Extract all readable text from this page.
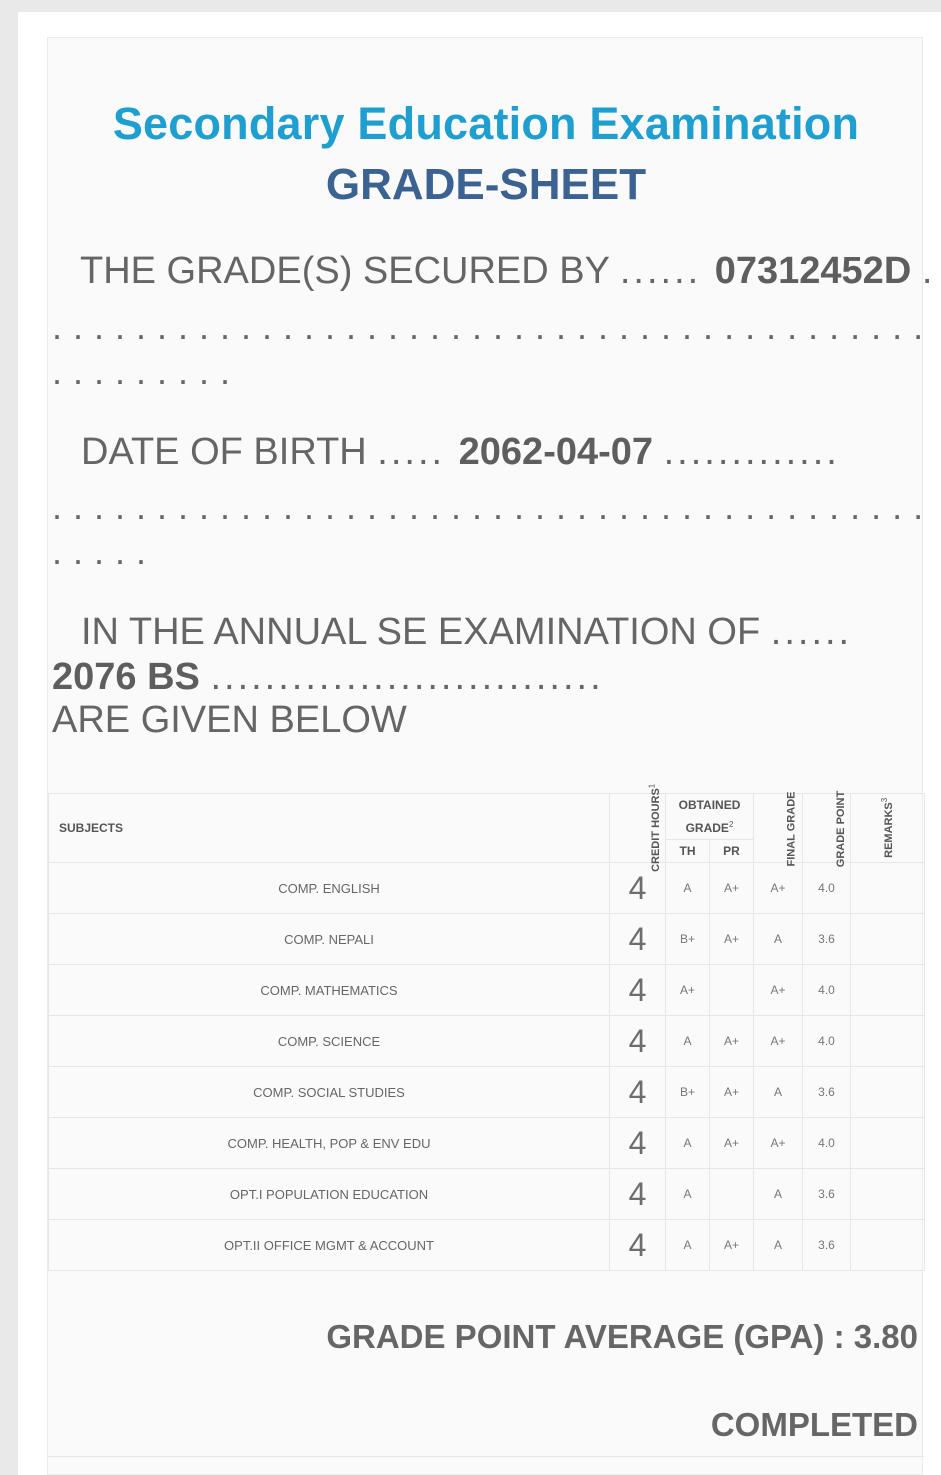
Secondary Education Examination
GRADE-SHEET
THE GRADE(S) SECURED BY ...... 07312452D .
..........................................
.........
DATE OF BIRTH ..... 2062-04-07 .............
..........................................
.....
IN THE ANNUAL SE EXAMINATION OF ......
2076 BS .............................
ARE GIVEN BELOW
SUBJECTS	CREDIT HOURS$^1$	OBTAINED GRADE$^2$		FINAL GRADE	GRADE POINT	REMARKS$^3$
		TH	PR			
COMP. ENGLISH	4	A	A+	A+	4.0	
COMP. NEPALI	4	B+	A+	A	3.6	
COMP. MATHEMATICS	4	A+		A+	4.0	
COMP. SCIENCE	4	A	A+	A+	4.0	
COMP. SOCIAL STUDIES	4	B+	A+	A	3.6	
COMP. HEALTH, POP & ENV EDU	4	A	A+	A+	4.0	
OPT.I POPULATION EDUCATION	4	A		A	3.6	
OPT.II OFFICE MGMT & ACCOUNT	4	A	A+	A	3.6	
GRADE POINT AVERAGE (GPA) : 3.80
COMPLETED
